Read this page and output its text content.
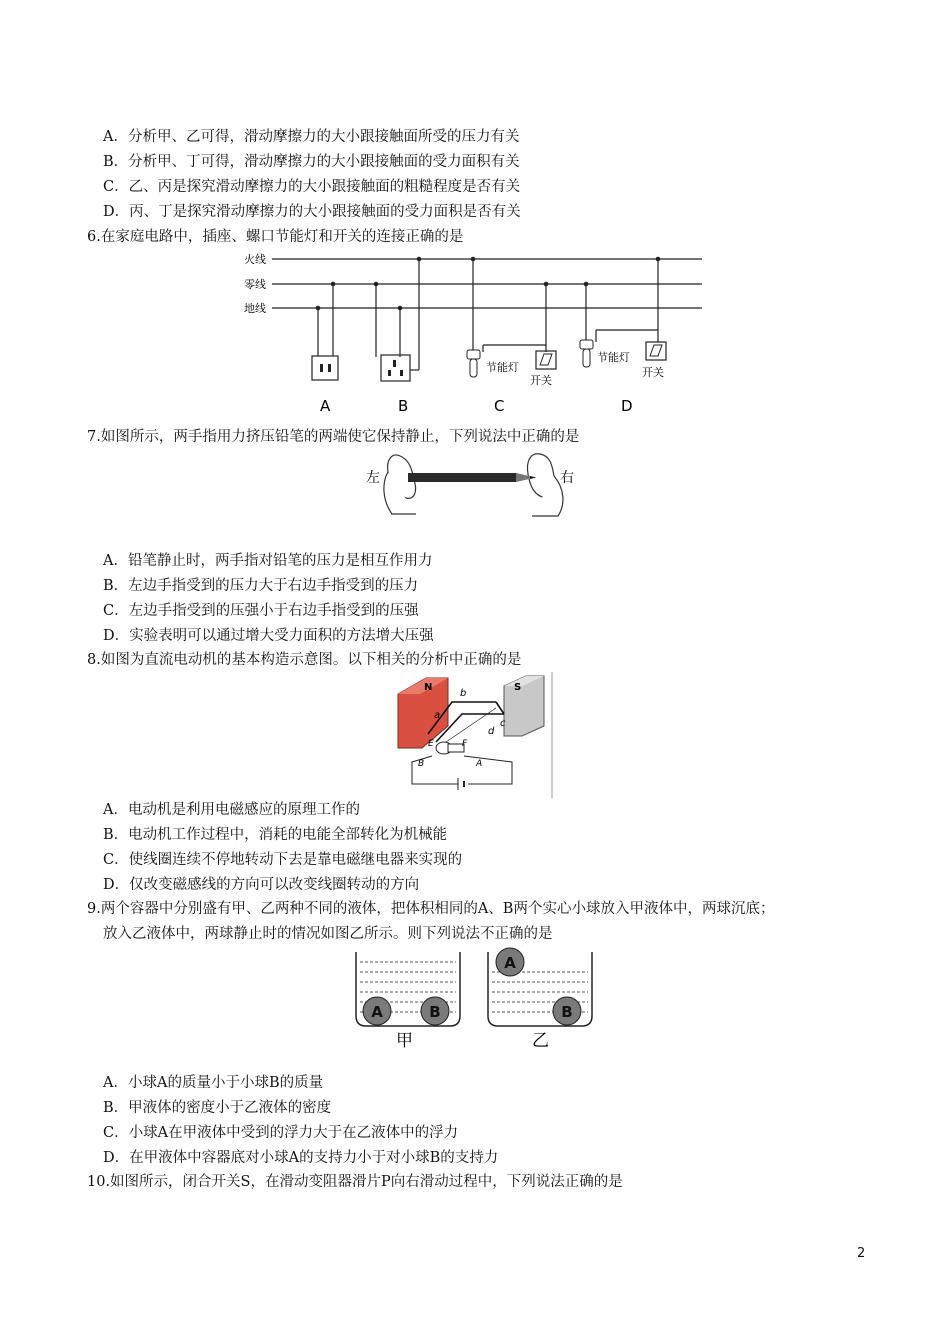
A．分析甲、乙可得，滑动摩擦力的大小跟接触面所受的压力有关
B．分析甲、丁可得，滑动摩擦力的大小跟接触面的受力面积有关
C．乙、丙是探究滑动摩擦力的大小跟接触面的粗糙程度是否有关
D．丙、丁是探究滑动摩擦力的大小跟接触面的受力面积是否有关
6.在家庭电路中，插座、螺口节能灯和开关的连接正确的是
火线
零线
地线
节能灯
开关
节能灯
开关
A	B	C	D
7.如图所示，两手指用力挤压铅笔的两端使它保持静止，下列说法中正确的是
左	右
A．铅笔静止时，两手指对铅笔的压力是相互作用力
B．左边手指受到的压力大于右边手指受到的压力
C．左边手指受到的压强小于右边手指受到的压强
D．实验表明可以通过增大受力面积的方法增大压强
8.如图为直流电动机的基本构造示意图。以下相关的分析中正确的是
N	S
b
a
c
d
E	F
B	A
A．电动机是利用电磁感应的原理工作的
B．电动机工作过程中，消耗的电能全部转化为机械能
C．使线圈连续不停地转动下去是靠电磁继电器来实现的
D．仅改变磁感线的方向可以改变线圈转动的方向
9.两个容器中分别盛有甲、乙两种不同的液体，把体积相同的A、B两个实心小球放入甲液体中，两球沉底；
放入乙液体中，两球静止时的情况如图乙所示。则下列说法不正确的是
A	B
A
B
甲	乙
A．小球A的质量小于小球B的质量
B．甲液体的密度小于乙液体的密度
C．小球A在甲液体中受到的浮力大于在乙液体中的浮力
D．在甲液体中容器底对小球A的支持力小于对小球B的支持力
10.如图所示，闭合开关S，在滑动变阻器滑片P向右滑动过程中，下列说法正确的是
2
